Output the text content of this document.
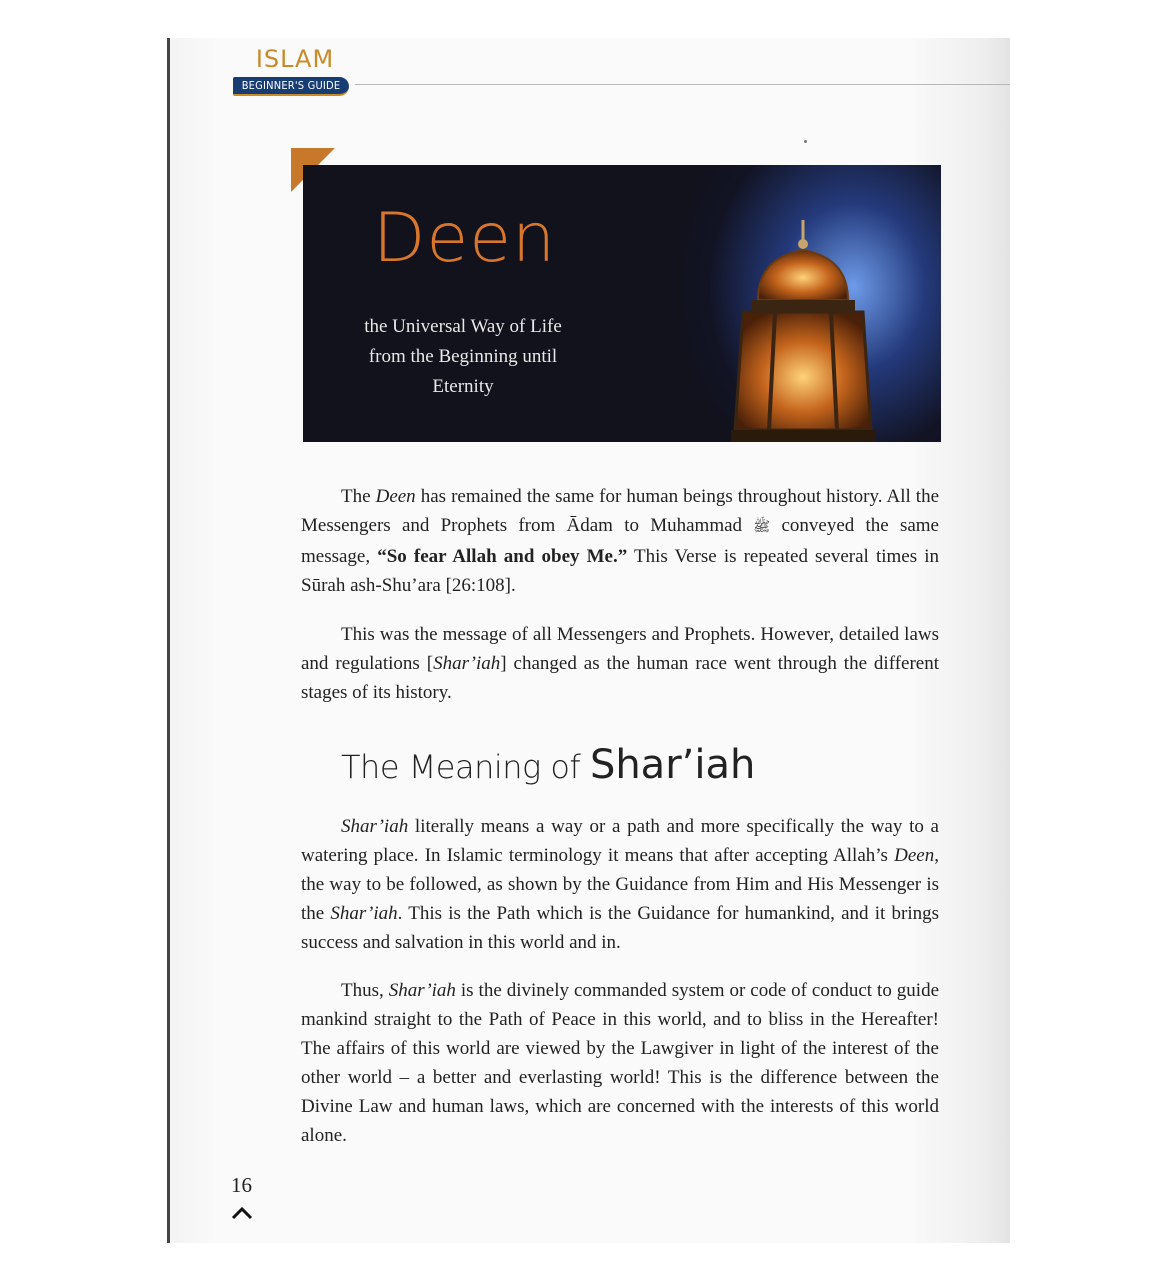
ISLAM
BEGINNER'S GUIDE
Deen
the Universal Way of Life
from the Beginning until
Eternity

The Deen has remained the same for human beings throughout history. All the Messengers and Prophets from Ādam to Muhammad ﷺ conveyed the same message, “So fear Allah and obey Me.” This Verse is repeated several times in Sūrah ash-Shu’ara [26:108].

This was the message of all Messengers and Prophets. However, detailed laws and regulations [Shar’iah] changed as the human race went through the different stages of its history.

The Meaning of Shar’iah

Shar’iah literally means a way or a path and more specifically the way to a watering place. In Islamic terminology it means that after accepting Allah’s Deen, the way to be followed, as shown by the Guidance from Him and His Messenger is the Shar’iah. This is the Path which is the Guidance for humankind, and it brings success and salvation in this world and in.

Thus, Shar’iah is the divinely commanded system or code of conduct to guide mankind straight to the Path of Peace in this world, and to bliss in the Hereafter! The affairs of this world are viewed by the Lawgiver in light of the interest of the other world – a better and everlasting world! This is the difference between the Divine Law and human laws, which are concerned with the interests of this world alone.

16
